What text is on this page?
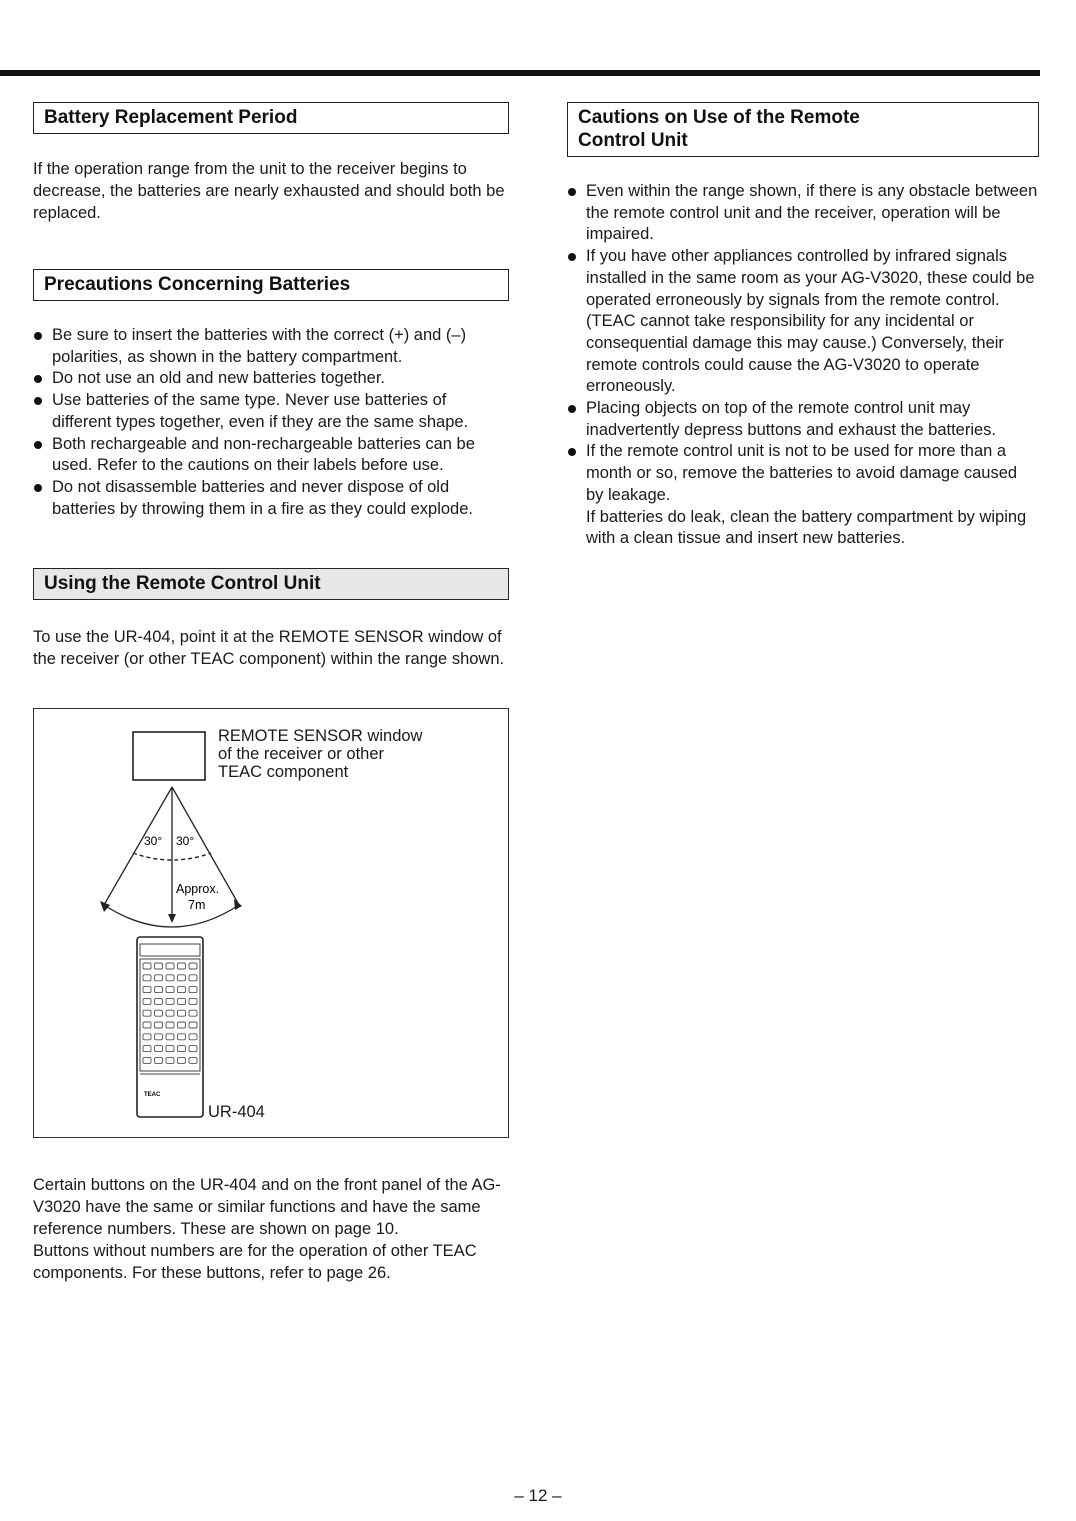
Battery Replacement Period

If the operation range from the unit to the receiver begins to decrease, the batteries are nearly exhausted and should both be replaced.

Precautions Concerning Batteries
Be sure to insert the batteries with the correct (+) and (–) polarities, as shown in the battery compartment.
Do not use an old and new batteries together.
Use batteries of the same type. Never use batteries of different types together, even if they are the same shape.
Both rechargeable and non-rechargeable batteries can be used. Refer to the cautions on their labels before use.
Do not disassemble batteries and never dispose of old batteries by throwing them in a fire as they could explode.
Using the Remote Control Unit

To use the UR-404, point it at the REMOTE SENSOR window of the receiver (or other TEAC component) within the range shown.

30° 30°
Approx.
7m
TEAC
REMOTE SENSOR window
of the receiver or other
TEAC component
UR-404

Certain buttons on the UR-404 and on the front panel of the AG-V3020 have the same or similar functions and have the same reference numbers. These are shown on page 10.

Buttons without numbers are for the operation of other TEAC components. For these buttons, refer to page 26.

Cautions on Use of the Remote
Control Unit
Even within the range shown, if there is any obstacle between the remote control unit and the receiver, operation will be impaired.
If you have other appliances controlled by infrared signals installed in the same room as your AG-V3020, these could be operated erroneously by signals from the remote control. (TEAC cannot take responsibility for any incidental or consequential damage this may cause.) Conversely, their remote controls could cause the AG-V3020 to operate erroneously.
Placing objects on top of the remote control unit may inadvertently depress buttons and exhaust the batteries.
If the remote control unit is not to be used for more than a month or so, remove the batteries to avoid damage caused by leakage.
If batteries do leak, clean the battery compartment by wiping with a clean tissue and insert new batteries.
– 12 –
